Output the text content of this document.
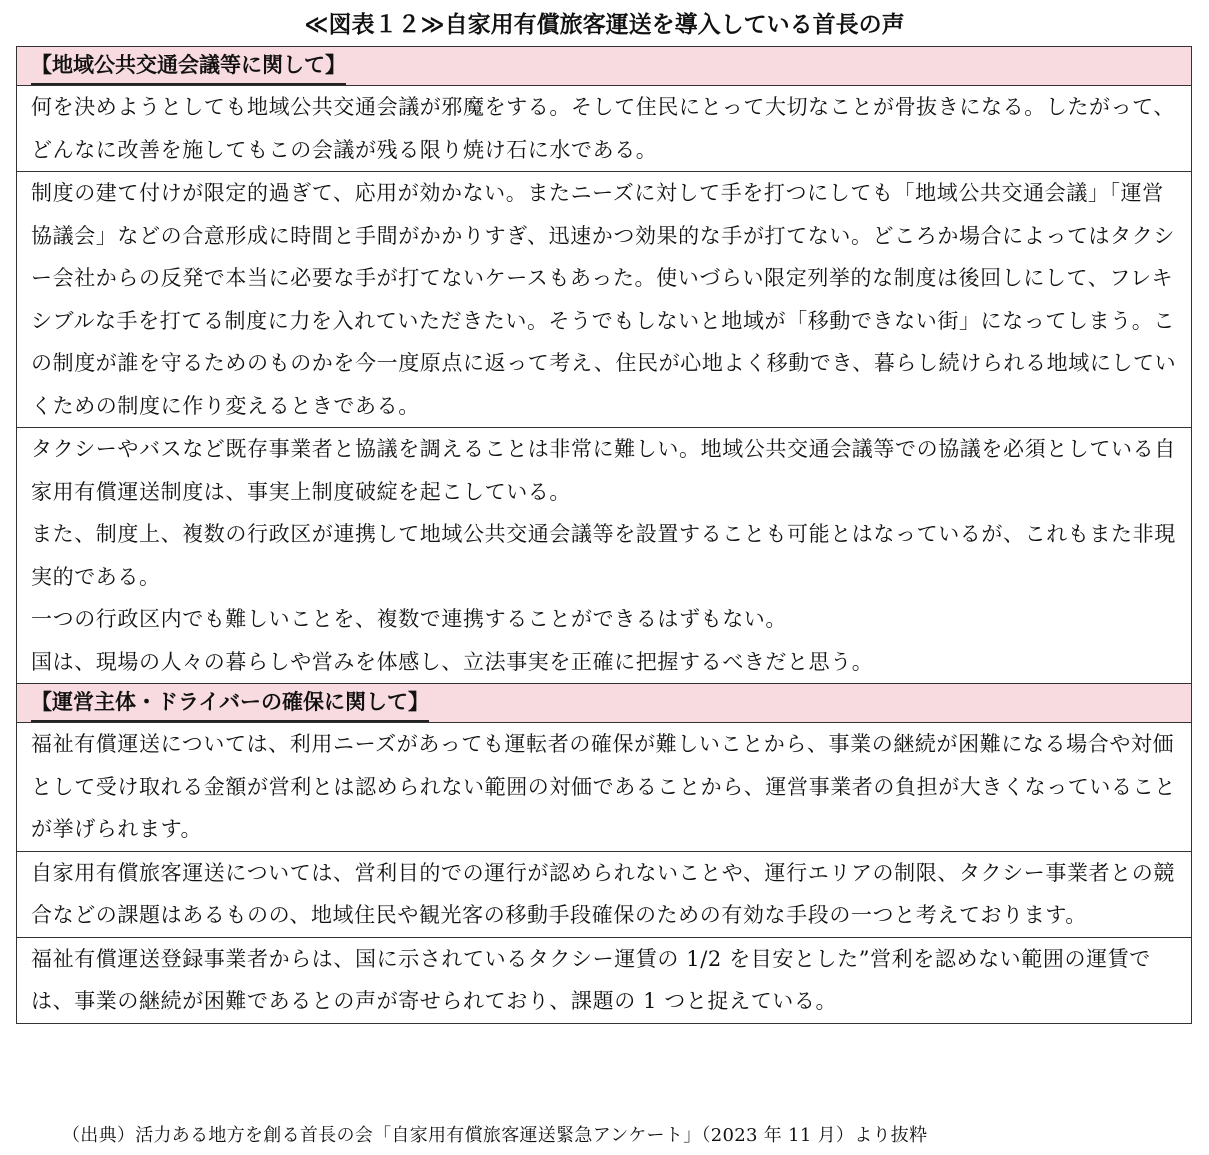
≪図表１２≫自家用有償旅客運送を導入している首長の声
【地域公共交通会議等に関して】

何を決めようとしても地域公共交通会議が邪魔をする。そして住民にとって大切なことが骨抜きになる。したがって、どんなに改善を施してもこの会議が残る限り焼け石に水である。

制度の建て付けが限定的過ぎて、応用が効かない。またニーズに対して手を打つにしても「地域公共交通会議」「運営協議会」などの合意形成に時間と手間がかかりすぎ、迅速かつ効果的な手が打てない。どころか場合によってはタクシー会社からの反発で本当に必要な手が打てないケースもあった。使いづらい限定列挙的な制度は後回しにして、フレキシブルな手を打てる制度に力を入れていただきたい。そうでもしないと地域が「移動できない街」になってしまう。この制度が誰を守るためのものかを今一度原点に返って考え、住民が心地よく移動でき、暮らし続けられる地域にしていくための制度に作り変えるときである。

タクシーやバスなど既存事業者と協議を調えることは非常に難しい。地域公共交通会議等での協議を必須としている自家用有償運送制度は、事実上制度破綻を起こしている。

また、制度上、複数の行政区が連携して地域公共交通会議等を設置することも可能とはなっているが、これもまた非現実的である。

一つの行政区内でも難しいことを、複数で連携することができるはずもない。

国は、現場の人々の暮らしや営みを体感し、立法事実を正確に把握するべきだと思う。

【運営主体・ドライバーの確保に関して】

福祉有償運送については、利用ニーズがあっても運転者の確保が難しいことから、事業の継続が困難になる場合や対価として受け取れる金額が営利とは認められない範囲の対価であることから、運営事業者の負担が大きくなっていることが挙げられます。

自家用有償旅客運送については、営利目的での運行が認められないことや、運行エリアの制限、タクシー事業者との競合などの課題はあるものの、地域住民や観光客の移動手段確保のための有効な手段の一つと考えております。

福祉有償運送登録事業者からは、国に示されているタクシー運賃の 1/2 を目安とした”営利を認めない範囲の運賃では、事業の継続が困難であるとの声が寄せられており、課題の 1 つと捉えている。

（出典）活力ある地方を創る首長の会「自家用有償旅客運送緊急アンケート」（2023 年 11 月）より抜粋
